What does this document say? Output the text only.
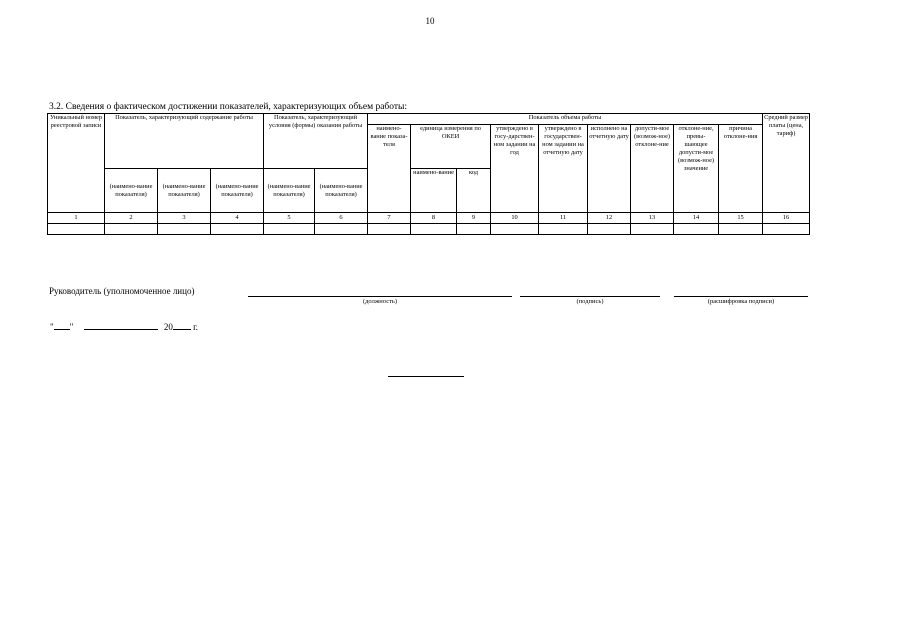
10
3.2. Сведения о фактическом достижении показателей, характеризующих объем работы:
Уникальный номер реестровой записи	Показатель, характеризующий содержание работы			Показатель, характеризующий условия (формы) оказания работы		Показатель объема работы									Средний размер платы (цена, тариф)
						наимено-вание показа-теля	единица измерения по ОКЕИ		утверждено в госу-дарствен-ном задании на год	утверждено в государствен-ном задании на отчетную дату	исполнено на отчетную дату	допусти-мое (возмож-ное) отклоне-ние	отклоне-ние, превы-шающее допусти-мое (возмож-ное) значение	причина отклоне-ния	
	(наимено-вание показателя)	(наимено-вание показателя)	(наимено-вание показателя)	(наимено-вание показателя)	(наимено-вание показателя)		наимено-вание	код							
1	2	3	4	5	6	7	8	9	10	11	12	13	14	15	16

Руководитель (уполномоченное лицо)
(должность)	(подпись)	(расшифровка подписи)
" "	20 г.
